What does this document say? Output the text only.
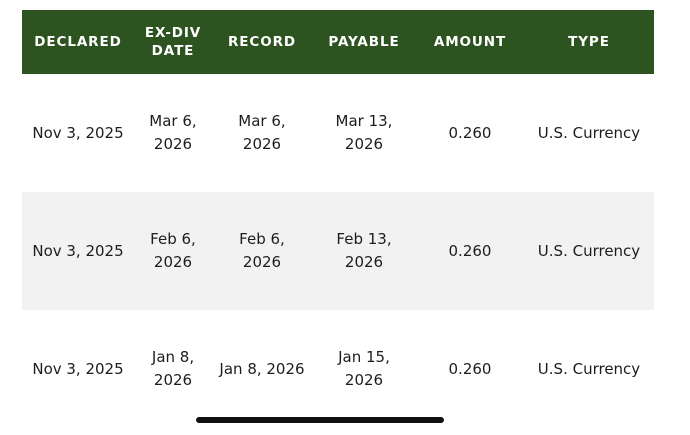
DECLARED	EX-DIV DATE	RECORD	PAYABLE	AMOUNT	TYPE
Nov 3, 2025	Mar 6, 2026	Mar 6, 2026	Mar 13, 2026	0.260	U.S. Currency
Nov 3, 2025	Feb 6, 2026	Feb 6, 2026	Feb 13, 2026	0.260	U.S. Currency
Nov 3, 2025	Jan 8, 2026	Jan 8, 2026	Jan 15, 2026	0.260	U.S. Currency
